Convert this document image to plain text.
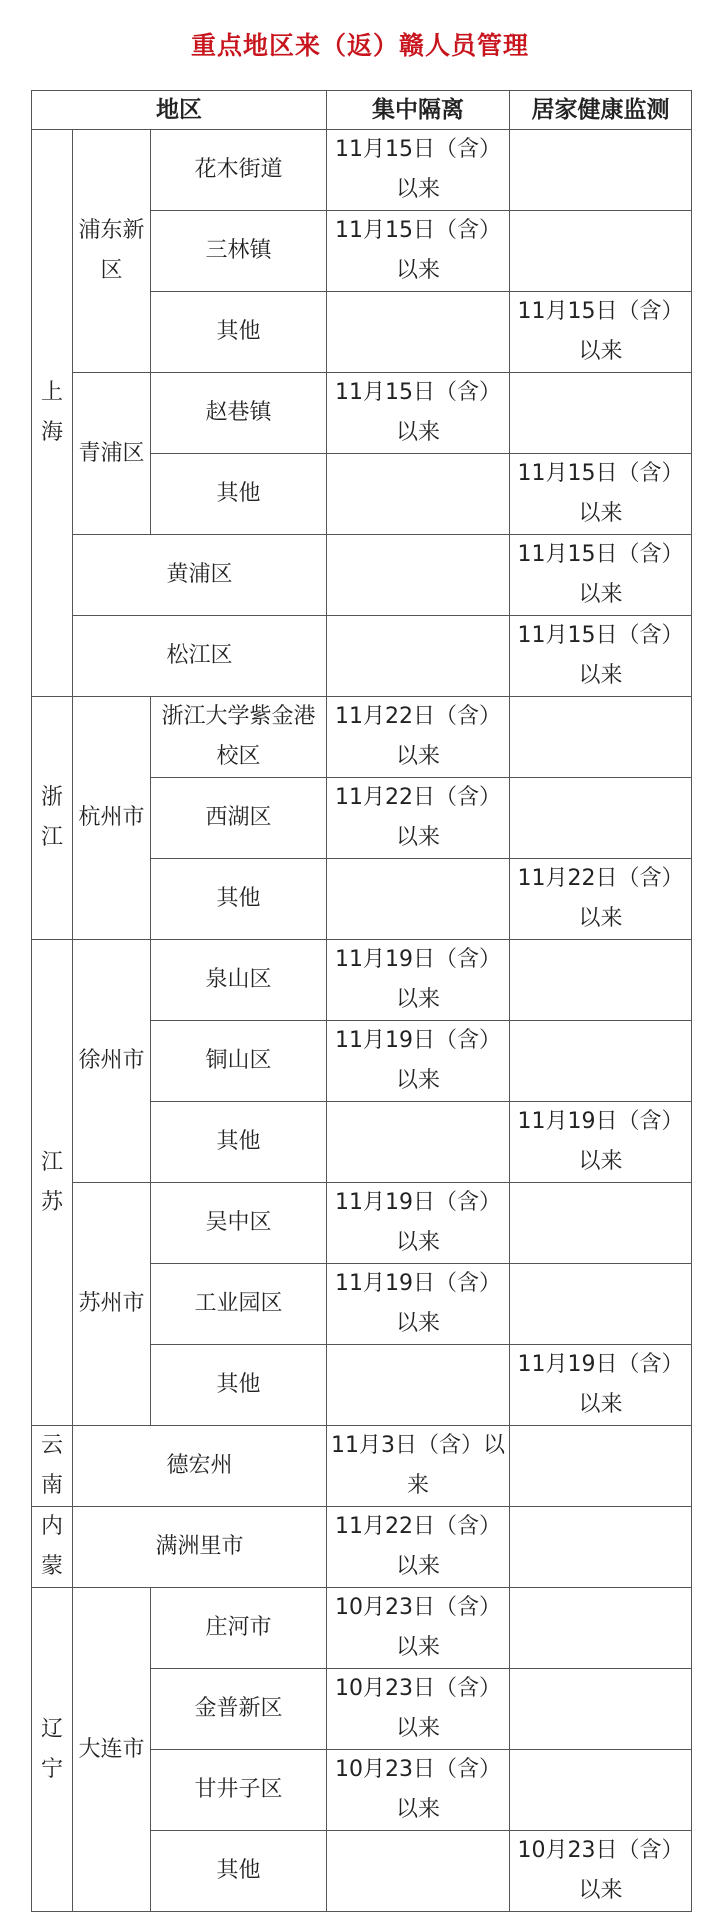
重点地区来（返）赣人员管理
地区			集中隔离	居家健康监测
上海	浦东新区	花木街道	11月15日（含）以来	
		三林镇	11月15日（含）以来	
		其他		11月15日（含）以来
	青浦区	赵巷镇	11月15日（含）以来	
		其他		11月15日（含）以来
	黄浦区			11月15日（含）以来
	松江区			11月15日（含）以来
浙江	杭州市	浙江大学紫金港校区	11月22日（含）以来	
		西湖区	11月22日（含）以来	
		其他		11月22日（含）以来
江苏	徐州市	泉山区	11月19日（含）以来	
		铜山区	11月19日（含）以来	
		其他		11月19日（含）以来
	苏州市	吴中区	11月19日（含）以来	
		工业园区	11月19日（含）以来	
		其他		11月19日（含）以来
云南	德宏州		11月3日（含）以来	
内蒙	满洲里市		11月22日（含）以来	
辽宁	大连市	庄河市	10月23日（含）以来	
		金普新区	10月23日（含）以来	
		甘井子区	10月23日（含）以来	
		其他		10月23日（含）以来
